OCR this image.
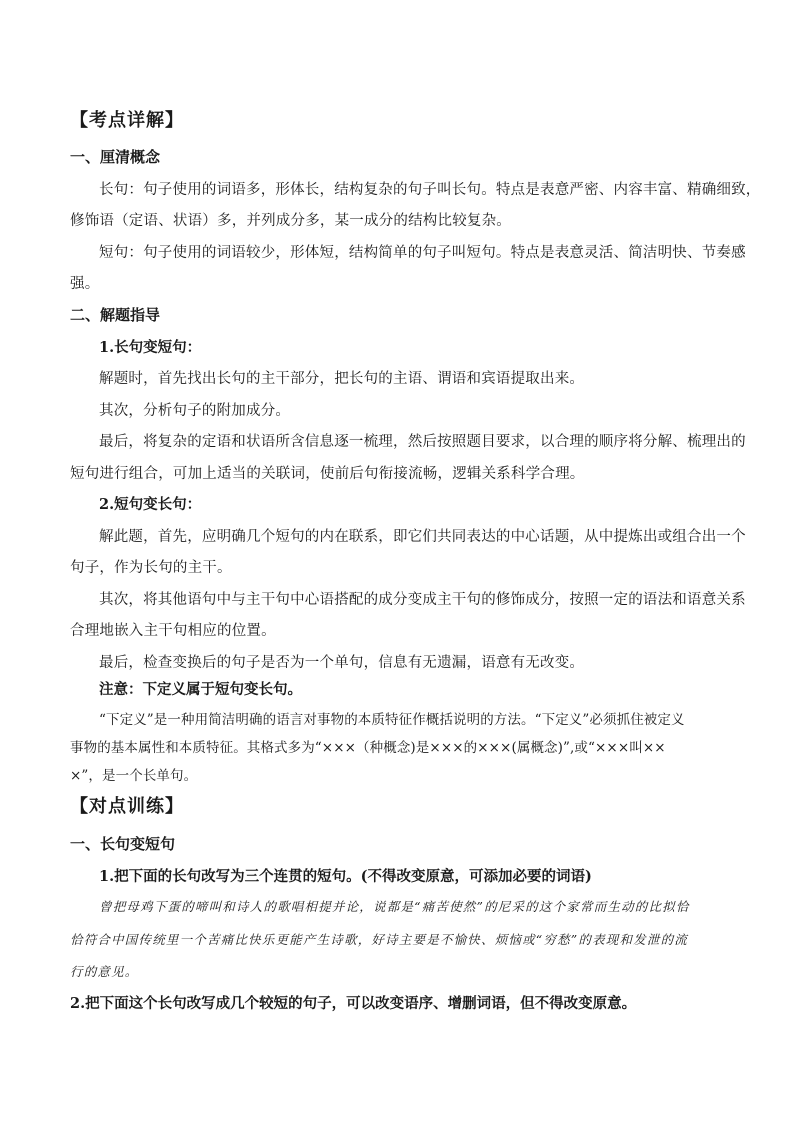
【考点详解】
一、厘清概念
长句：句子使用的词语多，形体长，结构复杂的句子叫长句。特点是表意严密、内容丰富、精确细致，
修饰语（定语、状语）多，并列成分多，某一成分的结构比较复杂。
短句：句子使用的词语较少，形体短，结构简单的句子叫短句。特点是表意灵活、简洁明快、节奏感
强。
二、解题指导
1.长句变短句：
解题时，首先找出长句的主干部分，把长句的主语、谓语和宾语提取出来。
其次，分析句子的附加成分。
最后，将复杂的定语和状语所含信息逐一梳理，然后按照题目要求，以合理的顺序将分解、梳理出的
短句进行组合，可加上适当的关联词，使前后句衔接流畅，逻辑关系科学合理。
2.短句变长句：
解此题，首先，应明确几个短句的内在联系，即它们共同表达的中心话题，从中提炼出或组合出一个
句子，作为长句的主干。
其次，将其他语句中与主干句中心语搭配的成分变成主干句的修饰成分，按照一定的语法和语意关系
合理地嵌入主干句相应的位置。
最后，检查变换后的句子是否为一个单句，信息有无遗漏，语意有无改变。
注意：下定义属于短句变长句。
“下定义”是一种用简洁明确的语言对事物的本质特征作概括说明的方法。“下定义”必须抓住被定义
事物的基本属性和本质特征。其格式多为“×××（种概念)是×××的×××(属概念)”,或“×××叫××
×”，是一个长单句。
【对点训练】
一、长句变短句
1.把下面的长句改写为三个连贯的短句。(不得改变原意，可添加必要的词语)
曾把母鸡下蛋的啼叫和诗人的歌唱相提并论，说都是“痛苦使然”的尼采的这个家常而生动的比拟恰
恰符合中国传统里一个苦痛比快乐更能产生诗歌，好诗主要是不愉快、烦恼或“穷愁”的表现和发泄的流
行的意见。
2.把下面这个长句改写成几个较短的句子，可以改变语序、增删词语，但不得改变原意。
